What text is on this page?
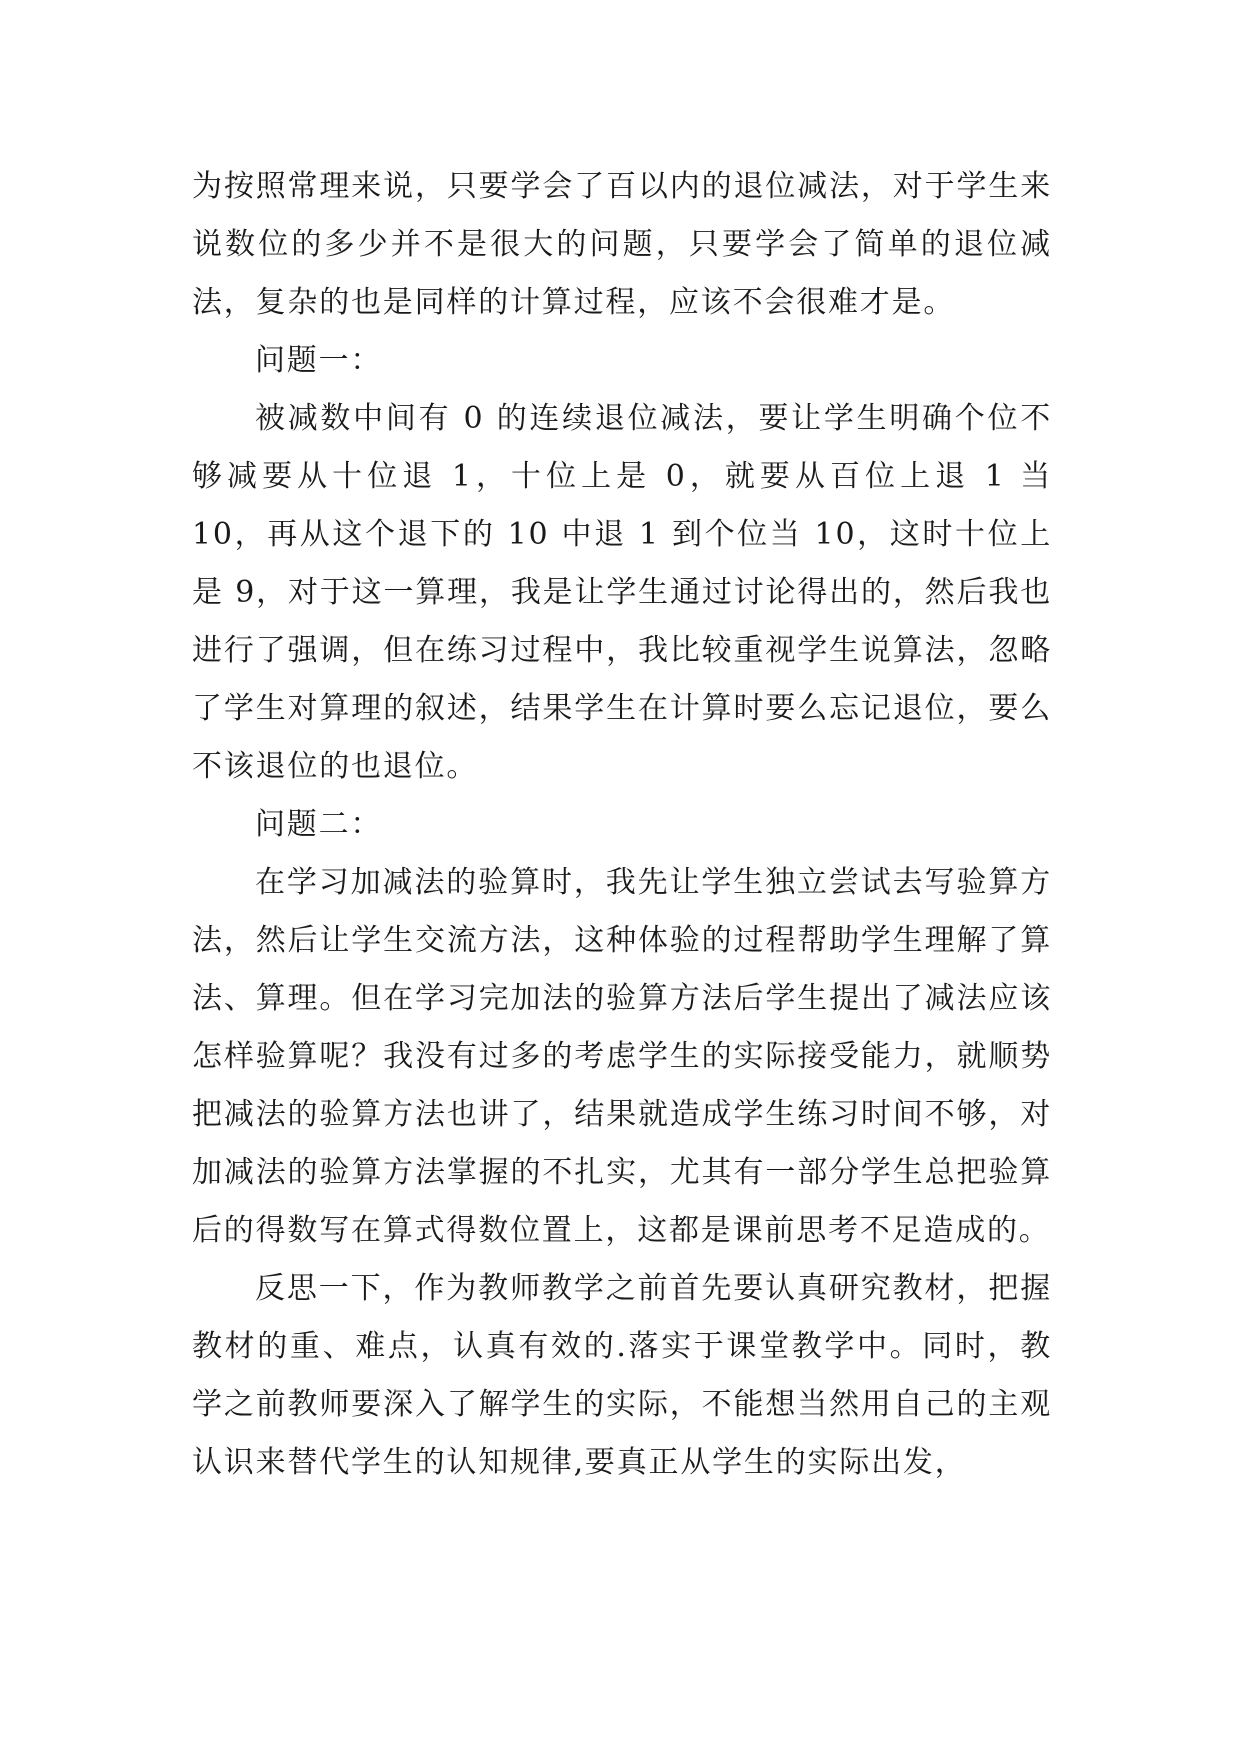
为按照常理来说，只要学会了百以内的退位减法，对于学生来说数位的多少并不是很大的问题，只要学会了简单的退位减法，复杂的也是同样的计算过程，应该不会很难才是。

问题一：

被减数中间有 0 的连续退位减法，要让学生明确个位不够减要从十位退 1，十位上是 0，就要从百位上退 1 当 10，再从这个退下的 10 中退 1 到个位当 10，这时十位上是 9，对于这一算理，我是让学生通过讨论得出的，然后我也进行了强调，但在练习过程中，我比较重视学生说算法，忽略了学生对算理的叙述，结果学生在计算时要么忘记退位，要么不该退位的也退位。

问题二：

在学习加减法的验算时，我先让学生独立尝试去写验算方法，然后让学生交流方法，这种体验的过程帮助学生理解了算法、算理。但在学习完加法的验算方法后学生提出了减法应该怎样验算呢？我没有过多的考虑学生的实际接受能力，就顺势把减法的验算方法也讲了，结果就造成学生练习时间不够，对加减法的验算方法掌握的不扎实，尤其有一部分学生总把验算后的得数写在算式得数位置上，这都是课前思考不足造成的。

反思一下，作为教师教学之前首先要认真研究教材，把握教材的重、难点，认真有效的.落实于课堂教学中。同时，教学之前教师要深入了解学生的实际，不能想当然用自己的主观认识来替代学生的认知规律,要真正从学生的实际出发，
